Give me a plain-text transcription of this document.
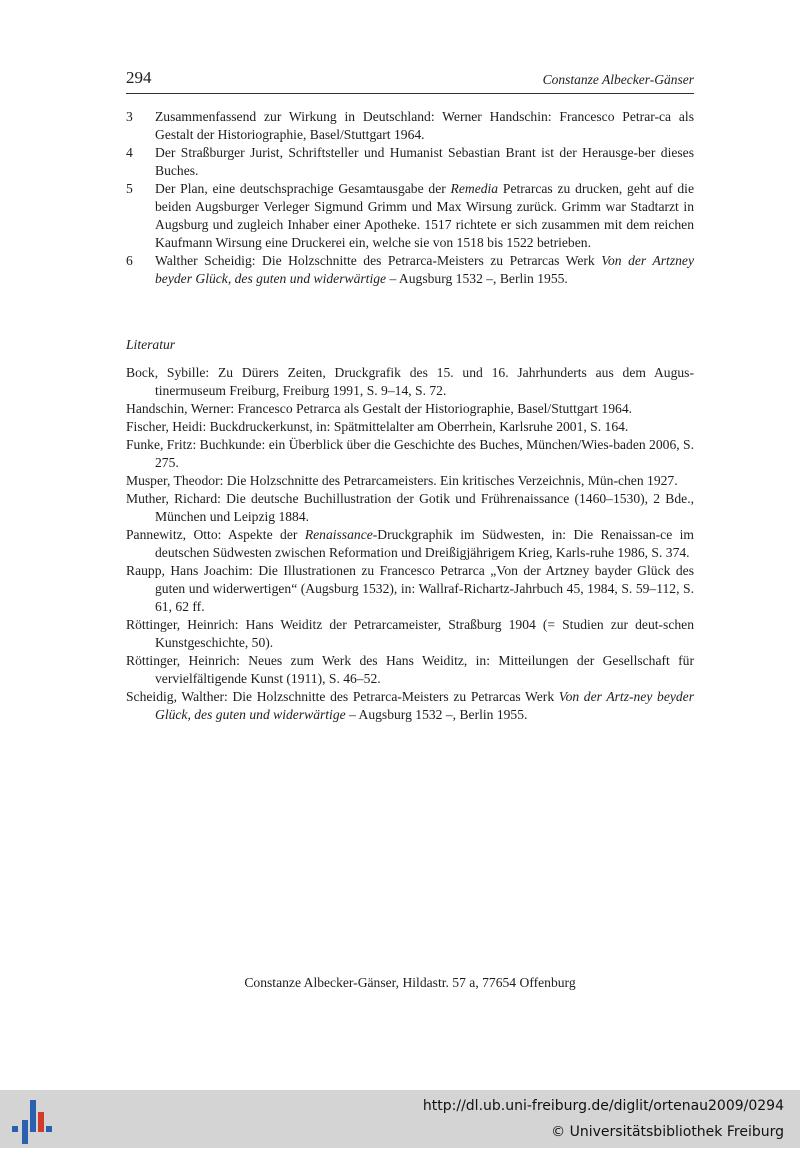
294	Constanze Albecker-Gänser

3	Zusammenfassend zur Wirkung in Deutschland: Werner Handschin: Francesco Petrar-ca als Gestalt der Historiographie, Basel/Stuttgart 1964.

4	Der Straßburger Jurist, Schriftsteller und Humanist Sebastian Brant ist der Herausge-ber dieses Buches.

5	Der Plan, eine deutschsprachige Gesamtausgabe der Remedia Petrarcas zu drucken, geht auf die beiden Augsburger Verleger Sigmund Grimm und Max Wirsung zurück. Grimm war Stadtarzt in Augsburg und zugleich Inhaber einer Apotheke. 1517 richtete er sich zusammen mit dem reichen Kaufmann Wirsung eine Druckerei ein, welche sie von 1518 bis 1522 betrieben.

6	Walther Scheidig: Die Holzschnitte des Petrarca-Meisters zu Petrarcas Werk Von der Artzney beyder Glück, des guten und widerwärtige – Augsburg 1532 –, Berlin 1955.

Literatur

Bock, Sybille: Zu Dürers Zeiten, Druckgrafik des 15. und 16. Jahrhunderts aus dem Augus-tinermuseum Freiburg, Freiburg 1991, S. 9–14, S. 72.

Handschin, Werner: Francesco Petrarca als Gestalt der Historiographie, Basel/Stuttgart 1964.

Fischer, Heidi: Buckdruckerkunst, in: Spätmittelalter am Oberrhein, Karlsruhe 2001, S. 164.

Funke, Fritz: Buchkunde: ein Überblick über die Geschichte des Buches, München/Wies-baden 2006, S. 275.

Musper, Theodor: Die Holzschnitte des Petrarcameisters. Ein kritisches Verzeichnis, Mün-chen 1927.

Muther, Richard: Die deutsche Buchillustration der Gotik und Frührenaissance (1460–1530), 2 Bde., München und Leipzig 1884.

Pannewitz, Otto: Aspekte der Renaissance-Druckgraphik im Südwesten, in: Die Renaissan-ce im deutschen Südwesten zwischen Reformation und Dreißigjährigem Krieg, Karls-ruhe 1986, S. 374.

Raupp, Hans Joachim: Die Illustrationen zu Francesco Petrarca „Von der Artzney bayder Glück des guten und widerwertigen“ (Augsburg 1532), in: Wallraf-Richartz-Jahrbuch 45, 1984, S. 59–112, S. 61, 62 ff.

Röttinger, Heinrich: Hans Weiditz der Petrarcameister, Straßburg 1904 (= Studien zur deut-schen Kunstgeschichte, 50).

Röttinger, Heinrich: Neues zum Werk des Hans Weiditz, in: Mitteilungen der Gesellschaft für vervielfältigende Kunst (1911), S. 46–52.

Scheidig, Walther: Die Holzschnitte des Petrarca-Meisters zu Petrarcas Werk Von der Artz-ney beyder Glück, des guten und widerwärtige – Augsburg 1532 –, Berlin 1955.

Constanze Albecker-Gänser, Hildastr. 57 a, 77654 Offenburg
http://dl.ub.uni-freiburg.de/diglit/ortenau2009/0294
© Universitätsbibliothek Freiburg
